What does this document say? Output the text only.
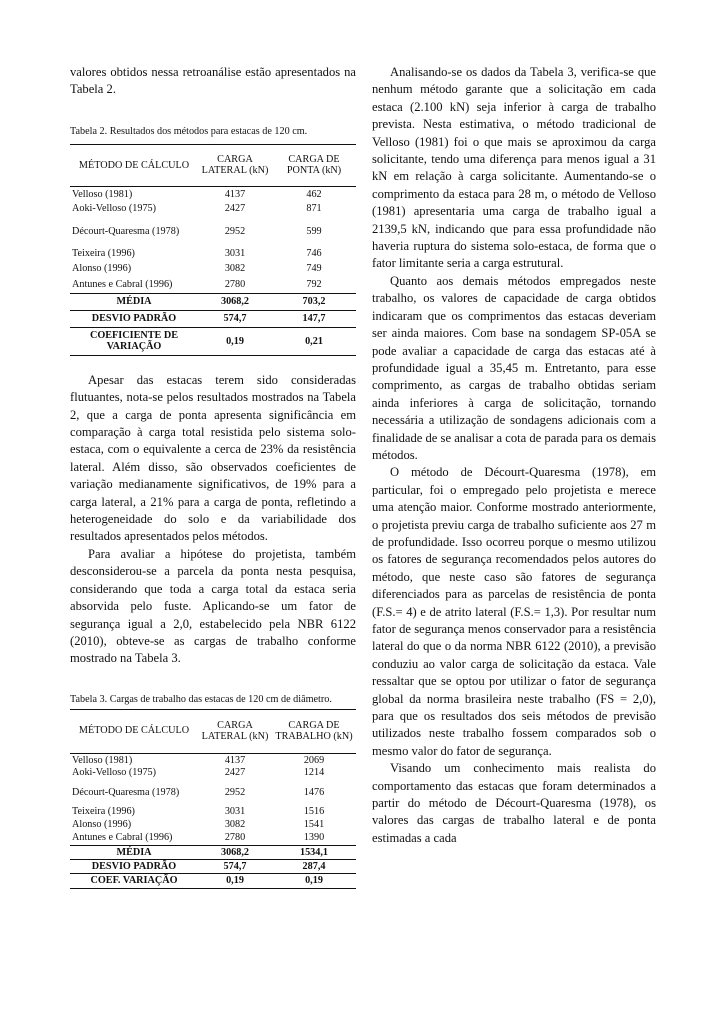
valores obtidos nessa retroanálise estão apresentados na Tabela 2.

Tabela 2. Resultados dos métodos para estacas de 120 cm.

MÉTODO DE CÁLCULO	CARGA LATERAL (kN)	CARGA DE PONTA (kN)
Velloso (1981)	4137	462
Aoki-Velloso (1975)	2427	871
Décourt-Quaresma (1978)	2952	599
Teixeira (1996)	3031	746
Alonso (1996)	3082	749
Antunes e Cabral (1996)	2780	792
MÉDIA	3068,2	703,2
DESVIO PADRÃO	574,7	147,7
COEFICIENTE DE VARIAÇÃO	0,19	0,21

Apesar das estacas terem sido consideradas flutuantes, nota-se pelos resultados mostrados na Tabela 2, que a carga de ponta apresenta significância em comparação à carga total resistida pelo sistema solo-estaca, com o equivalente a cerca de 23% da resistência lateral. Além disso, são observados coeficientes de variação medianamente significativos, de 19% para a carga lateral, a 21% para a carga de ponta, refletindo a heterogeneidade do solo e da variabilidade dos resultados apresentados pelos métodos.

Para avaliar a hipótese do projetista, também desconsiderou-se a parcela da ponta nesta pesquisa, considerando que toda a carga total da estaca seria absorvida pelo fuste. Aplicando-se um fator de segurança igual a 2,0, estabelecido pela NBR 6122 (2010), obteve-se as cargas de trabalho conforme mostrado na Tabela 3.

Tabela 3. Cargas de trabalho das estacas de 120 cm de diâmetro.

MÉTODO DE CÁLCULO	CARGA LATERAL (kN)	CARGA DE TRABALHO (kN)
Velloso (1981)	4137	2069
Aoki-Velloso (1975)	2427	1214
Décourt-Quaresma (1978)	2952	1476
Teixeira (1996)	3031	1516
Alonso (1996)	3082	1541
Antunes e Cabral (1996)	2780	1390
MÉDIA	3068,2	1534,1
DESVIO PADRÃO	574,7	287,4
COEF. VARIAÇÃO	0,19	0,19

Analisando-se os dados da Tabela 3, verifica-se que nenhum método garante que a solicitação em cada estaca (2.100 kN) seja inferior à carga de trabalho prevista. Nesta estimativa, o método tradicional de Velloso (1981) foi o que mais se aproximou da carga solicitante, tendo uma diferença para menos igual a 31 kN em relação à carga solicitante. Aumentando-se o comprimento da estaca para 28 m, o método de Velloso (1981) apresentaria uma carga de trabalho igual a 2139,5 kN, indicando que para essa profundidade não haveria ruptura do sistema solo-estaca, de forma que o fator limitante seria a carga estrutural.

Quanto aos demais métodos empregados neste trabalho, os valores de capacidade de carga obtidos indicaram que os comprimentos das estacas deveriam ser ainda maiores. Com base na sondagem SP-05A se pode avaliar a capacidade de carga das estacas até à profundidade igual a 35,45 m. Entretanto, para esse comprimento, as cargas de trabalho obtidas seriam ainda inferiores à carga de solicitação, tornando necessária a utilização de sondagens adicionais com a finalidade de se analisar a cota de parada para os demais métodos.

O método de Décourt-Quaresma (1978), em particular, foi o empregado pelo projetista e merece uma atenção maior. Conforme mostrado anteriormente, o projetista previu carga de trabalho suficiente aos 27 m de profundidade. Isso ocorreu porque o mesmo utilizou os fatores de segurança recomendados pelos autores do método, que neste caso são fatores de segurança diferenciados para as parcelas de resistência de ponta (F.S.= 4) e de atrito lateral (F.S.= 1,3). Por resultar num fator de segurança menos conservador para a resistência lateral do que o da norma NBR 6122 (2010), a previsão conduziu ao valor carga de solicitação da estaca. Vale ressaltar que se optou por utilizar o fator de segurança global da norma brasileira neste trabalho (FS = 2,0), para que os resultados dos seis métodos de previsão utilizados neste trabalho fossem comparados sob o mesmo valor do fator de segurança.

Visando um conhecimento mais realista do comportamento das estacas que foram determinados a partir do método de Décourt-Quaresma (1978), os valores das cargas de trabalho lateral e de ponta estimadas a cada
